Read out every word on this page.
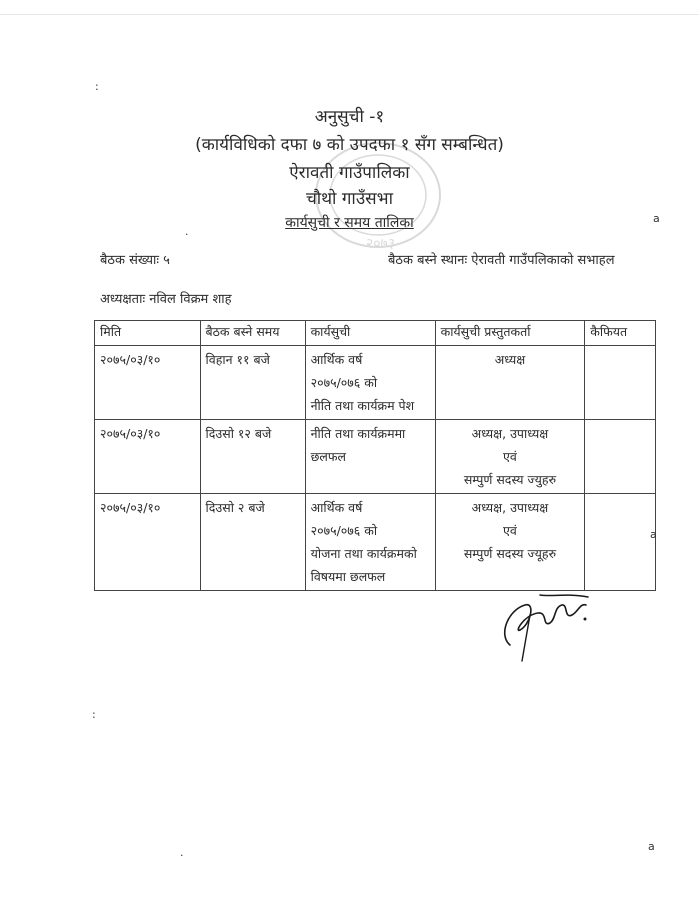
२०७३
अनुसुची -१
(कार्यविधिको दफा ७ को उपदफा १ सँग सम्बन्धित)
ऐरावती गाउँपालिका
चौथो गाउँसभा
कार्यसुची र समय तालिका
बैठक संख्याः ५	बैठक बस्ने स्थानः ऐरावती गाउँपलिकाको सभाहल
अध्यक्षताः नविल विक्रम शाह
मिति	बैठक बस्ने समय	कार्यसुची	कार्यसुची प्रस्तुतकर्ता	कैफियत
२०७५/०३/१०	विहान ११ बजे	आर्थिक वर्ष
२०७५/०७६ को
नीति तथा कार्यक्रम पेश	अध्यक्ष	

२०७५/०३/१०	दिउसो १२ बजे	नीति तथा कार्यक्रममा
छलफल	अध्यक्ष, उपाध्यक्ष
एवं
सम्पुर्ण सदस्य ज्युहरु	

२०७५/०३/१०	दिउसो २ बजे	आर्थिक वर्ष
२०७५/०७६ को
योजना तथा कार्यक्रमको
विषयमा छलफल	अध्यक्ष, उपाध्यक्ष
एवं
सम्पुर्ण सदस्य ज्यूहरु	

:
:
a
a
a
.
.
